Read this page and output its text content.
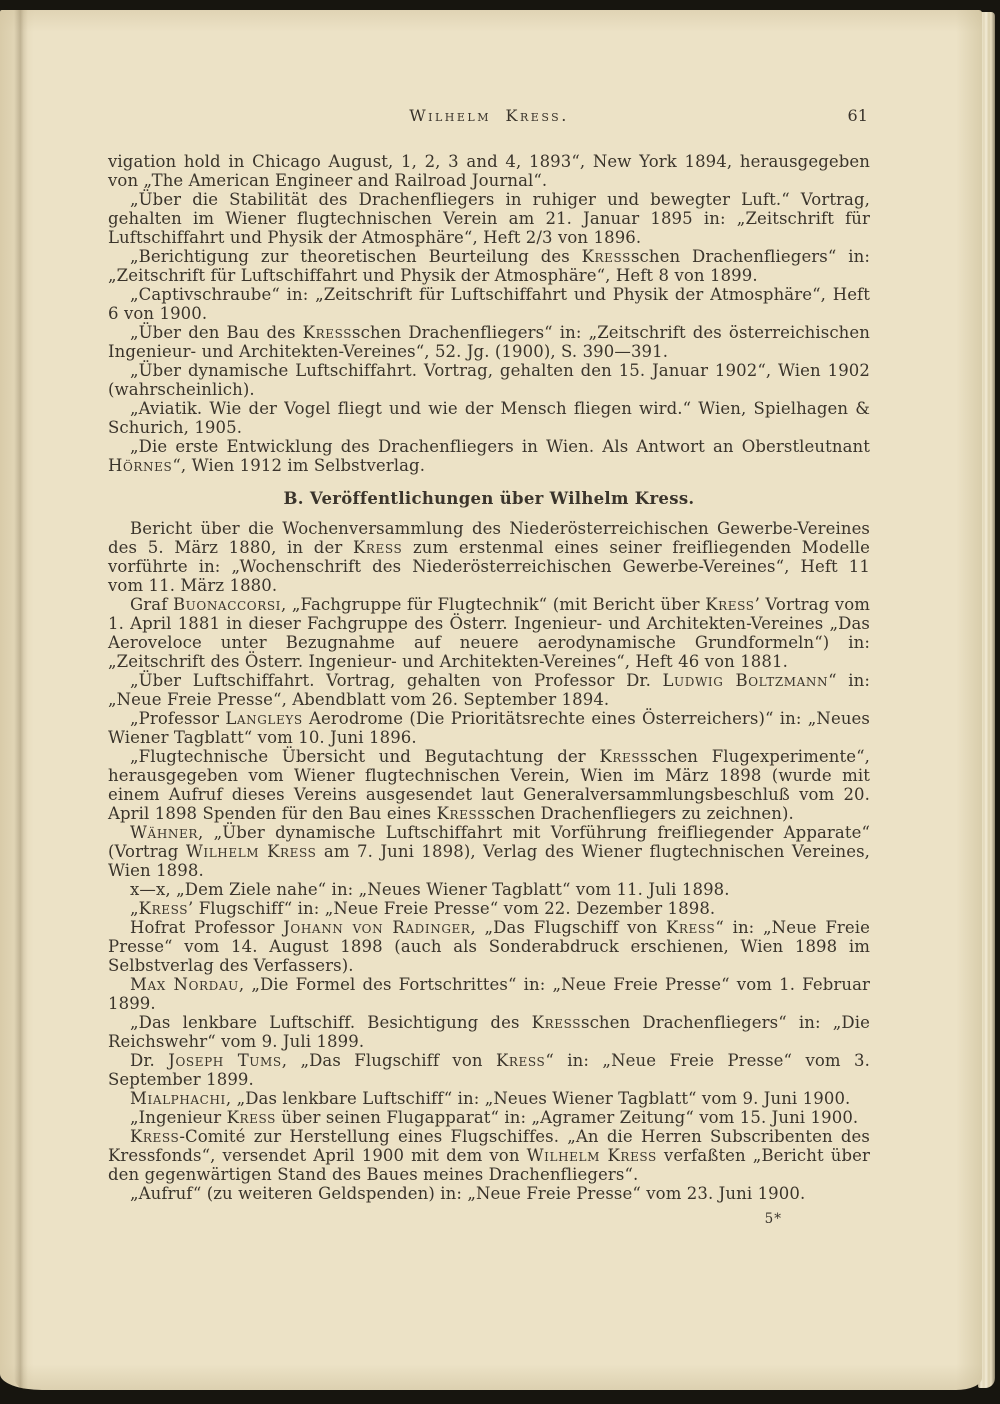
Wilhelm Kress.	61

vigation hold in Chicago August, 1, 2, 3 and 4, 1893“, New York 1894, herausgegeben von „The American Engineer and Railroad Journal“.

„Über die Stabilität des Drachenfliegers in ruhiger und bewegter Luft.“ Vortrag, gehalten im Wiener flugtechnischen Verein am 21. Januar 1895 in: „Zeitschrift für Luftschiffahrt und Physik der Atmosphäre“, Heft 2/3 von 1896.

„Berichtigung zur theoretischen Beurteilung des Kressschen Drachenfliegers“ in: „Zeitschrift für Luftschiffahrt und Physik der Atmosphäre“, Heft 8 von 1899.

„Captivschraube“ in: „Zeitschrift für Luftschiffahrt und Physik der Atmosphäre“, Heft 6 von 1900.

„Über den Bau des Kressschen Drachenfliegers“ in: „Zeitschrift des österreichischen Ingenieur- und Architekten-Vereines“, 52. Jg. (1900), S. 390—391.

„Über dynamische Luftschiffahrt. Vortrag, gehalten den 15. Januar 1902“, Wien 1902 (wahrscheinlich).

„Aviatik. Wie der Vogel fliegt und wie der Mensch fliegen wird.“ Wien, Spielhagen & Schurich, 1905.

„Die erste Entwicklung des Drachenfliegers in Wien. Als Antwort an Oberstleutnant Hörnes“, Wien 1912 im Selbstverlag.

B. Veröffentlichungen über Wilhelm Kress.

Bericht über die Wochenversammlung des Niederösterreichischen Gewerbe-Vereines des 5. März 1880, in der Kress zum erstenmal eines seiner freifliegenden Modelle vorführte in: „Wochenschrift des Niederösterreichischen Gewerbe-Vereines“, Heft 11 vom 11. März 1880.

Graf Buonaccorsi, „Fachgruppe für Flugtechnik“ (mit Bericht über Kress’ Vortrag vom 1. April 1881 in dieser Fachgruppe des Österr. Ingenieur- und Architekten-Vereines „Das Aeroveloce unter Bezugnahme auf neuere aerodynamische Grundformeln“) in: „Zeitschrift des Österr. Ingenieur- und Architekten-Vereines“, Heft 46 von 1881.

„Über Luftschiffahrt. Vortrag, gehalten von Professor Dr. Ludwig Boltzmann“ in: „Neue Freie Presse“, Abendblatt vom 26. September 1894.

„Professor Langleys Aerodrome (Die Prioritätsrechte eines Österreichers)“ in: „Neues Wiener Tagblatt“ vom 10. Juni 1896.

„Flugtechnische Übersicht und Begutachtung der Kressschen Flugexperimente“, herausgegeben vom Wiener flugtechnischen Verein, Wien im März 1898 (wurde mit einem Aufruf dieses Vereins ausgesendet laut Generalversammlungsbeschluß vom 20. April 1898 Spenden für den Bau eines Kressschen Drachenfliegers zu zeichnen).

Wähner, „Über dynamische Luftschiffahrt mit Vorführung freifliegender Apparate“ (Vortrag Wilhelm Kress am 7. Juni 1898), Verlag des Wiener flugtechnischen Vereines, Wien 1898.

x—x, „Dem Ziele nahe“ in: „Neues Wiener Tagblatt“ vom 11. Juli 1898.

„Kress’ Flugschiff“ in: „Neue Freie Presse“ vom 22. Dezember 1898.

Hofrat Professor Johann von Radinger, „Das Flugschiff von Kress“ in: „Neue Freie Presse“ vom 14. August 1898 (auch als Sonderabdruck erschienen, Wien 1898 im Selbstverlag des Verfassers).

Max Nordau, „Die Formel des Fortschrittes“ in: „Neue Freie Presse“ vom 1. Februar 1899.

„Das lenkbare Luftschiff. Besichtigung des Kressschen Drachenfliegers“ in: „Die Reichswehr“ vom 9. Juli 1899.

Dr. Joseph Tums, „Das Flugschiff von Kress“ in: „Neue Freie Presse“ vom 3. September 1899.

Mialphachi, „Das lenkbare Luftschiff“ in: „Neues Wiener Tagblatt“ vom 9. Juni 1900.

„Ingenieur Kress über seinen Flugapparat“ in: „Agramer Zeitung“ vom 15. Juni 1900.

Kress-Comité zur Herstellung eines Flugschiffes. „An die Herren Subscribenten des Kressfonds“, versendet April 1900 mit dem von Wilhelm Kress verfaßten „Bericht über den gegenwärtigen Stand des Baues meines Drachenfliegers“.

„Aufruf“ (zu weiteren Geldspenden) in: „Neue Freie Presse“ vom 23. Juni 1900.

5*
